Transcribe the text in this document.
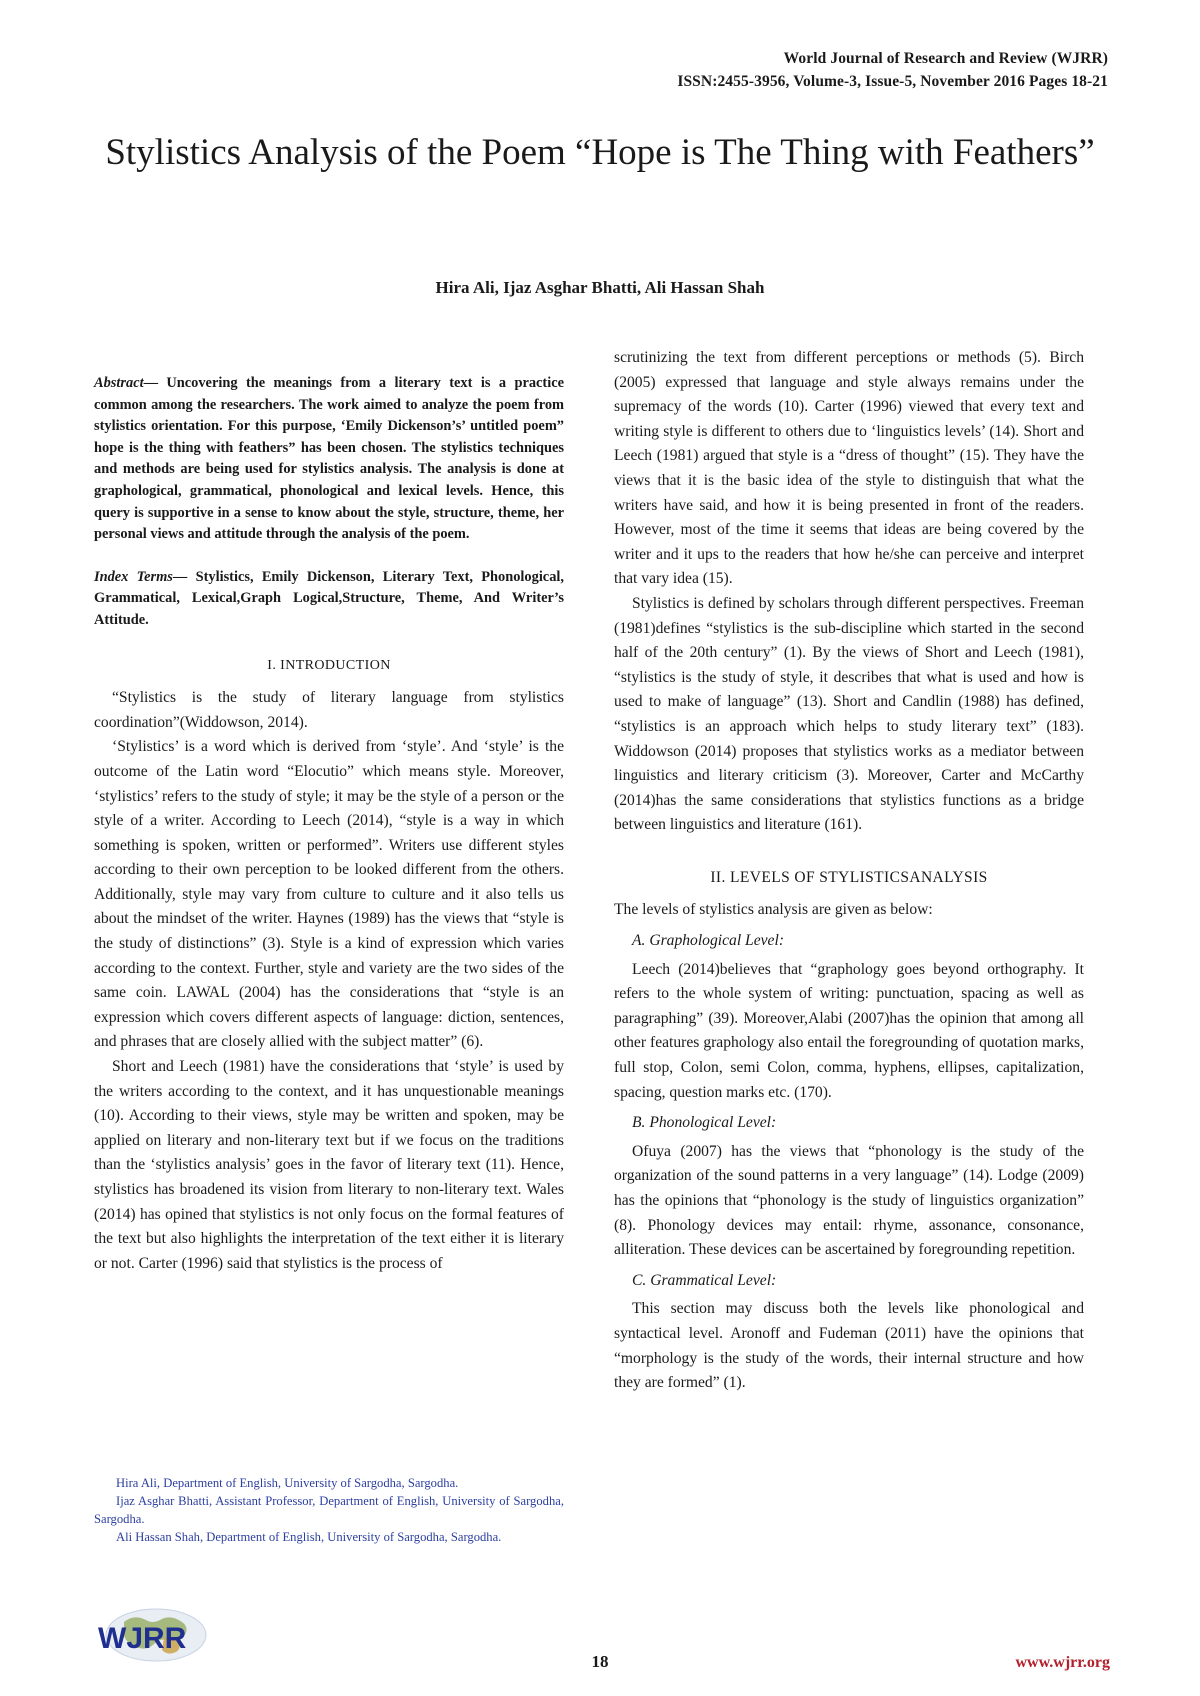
World Journal of Research and Review (WJRR)
ISSN:2455-3956, Volume-3, Issue-5, November 2016 Pages 18-21
Stylistics Analysis of the Poem “Hope is The Thing with Feathers”
Hira Ali, Ijaz Asghar Bhatti, Ali Hassan Shah

Abstract— Uncovering the meanings from a literary text is a practice common among the researchers. The work aimed to analyze the poem from stylistics orientation. For this purpose, ‘Emily Dickenson’s’ untitled poem” hope is the thing with feathers” has been chosen. The stylistics techniques and methods are being used for stylistics analysis. The analysis is done at graphological, grammatical, phonological and lexical levels. Hence, this query is supportive in a sense to know about the style, structure, theme, her personal views and attitude through the analysis of the poem.

Index Terms— Stylistics, Emily Dickenson, Literary Text, Phonological, Grammatical, Lexical,Graph Logical,Structure, Theme, And Writer’s Attitude.

I. INTRODUCTION

“Stylistics is the study of literary language from stylistics coordination”(Widdowson, 2014).

‘Stylistics’ is a word which is derived from ‘style’. And ‘style’ is the outcome of the Latin word “Elocutio” which means style. Moreover, ‘stylistics’ refers to the study of style; it may be the style of a person or the style of a writer. According to Leech (2014), “style is a way in which something is spoken, written or performed”. Writers use different styles according to their own perception to be looked different from the others. Additionally, style may vary from culture to culture and it also tells us about the mindset of the writer. Haynes (1989) has the views that “style is the study of distinctions” (3). Style is a kind of expression which varies according to the context. Further, style and variety are the two sides of the same coin. LAWAL (2004) has the considerations that “style is an expression which covers different aspects of language: diction, sentences, and phrases that are closely allied with the subject matter” (6).

Short and Leech (1981) have the considerations that ‘style’ is used by the writers according to the context, and it has unquestionable meanings (10). According to their views, style may be written and spoken, may be applied on literary and non-literary text but if we focus on the traditions than the ‘stylistics analysis’ goes in the favor of literary text (11). Hence, stylistics has broadened its vision from literary to non-literary text. Wales (2014) has opined that stylistics is not only focus on the formal features of the text but also highlights the interpretation of the text either it is literary or not. Carter (1996) said that stylistics is the process of

scrutinizing the text from different perceptions or methods (5). Birch (2005) expressed that language and style always remains under the supremacy of the words (10). Carter (1996) viewed that every text and writing style is different to others due to ‘linguistics levels’ (14). Short and Leech (1981) argued that style is a “dress of thought” (15). They have the views that it is the basic idea of the style to distinguish that what the writers have said, and how it is being presented in front of the readers. However, most of the time it seems that ideas are being covered by the writer and it ups to the readers that how he/she can perceive and interpret that vary idea (15).

Stylistics is defined by scholars through different perspectives. Freeman (1981)defines “stylistics is the sub-discipline which started in the second half of the 20th century” (1). By the views of Short and Leech (1981), “stylistics is the study of style, it describes that what is used and how is used to make of language” (13). Short and Candlin (1988) has defined, “stylistics is an approach which helps to study literary text” (183). Widdowson (2014) proposes that stylistics works as a mediator between linguistics and literary criticism (3). Moreover, Carter and McCarthy (2014)has the same considerations that stylistics functions as a bridge between linguistics and literature (161).

II. LEVELS OF STYLISTICSANALYSIS

The levels of stylistics analysis are given as below:

A. Graphological Level:

Leech (2014)believes that “graphology goes beyond orthography. It refers to the whole system of writing: punctuation, spacing as well as paragraphing” (39). Moreover,Alabi (2007)has the opinion that among all other features graphology also entail the foregrounding of quotation marks, full stop, Colon, semi Colon, comma, hyphens, ellipses, capitalization, spacing, question marks etc. (170).

B. Phonological Level:

Ofuya (2007) has the views that “phonology is the study of the organization of the sound patterns in a very language” (14). Lodge (2009) has the opinions that “phonology is the study of linguistics organization” (8). Phonology devices may entail: rhyme, assonance, consonance, alliteration. These devices can be ascertained by foregrounding repetition.

C. Grammatical Level:

This section may discuss both the levels like phonological and syntactical level. Aronoff and Fudeman (2011) have the opinions that “morphology is the study of the words, their internal structure and how they are formed” (1).

Hira Ali, Department of English, University of Sargodha, Sargodha.
Ijaz Asghar Bhatti, Assistant Professor, Department of English, University of Sargodha, Sargodha.
Ali Hassan Shah, Department of English, University of Sargodha, Sargodha.
WJRR
18	www.wjrr.org
